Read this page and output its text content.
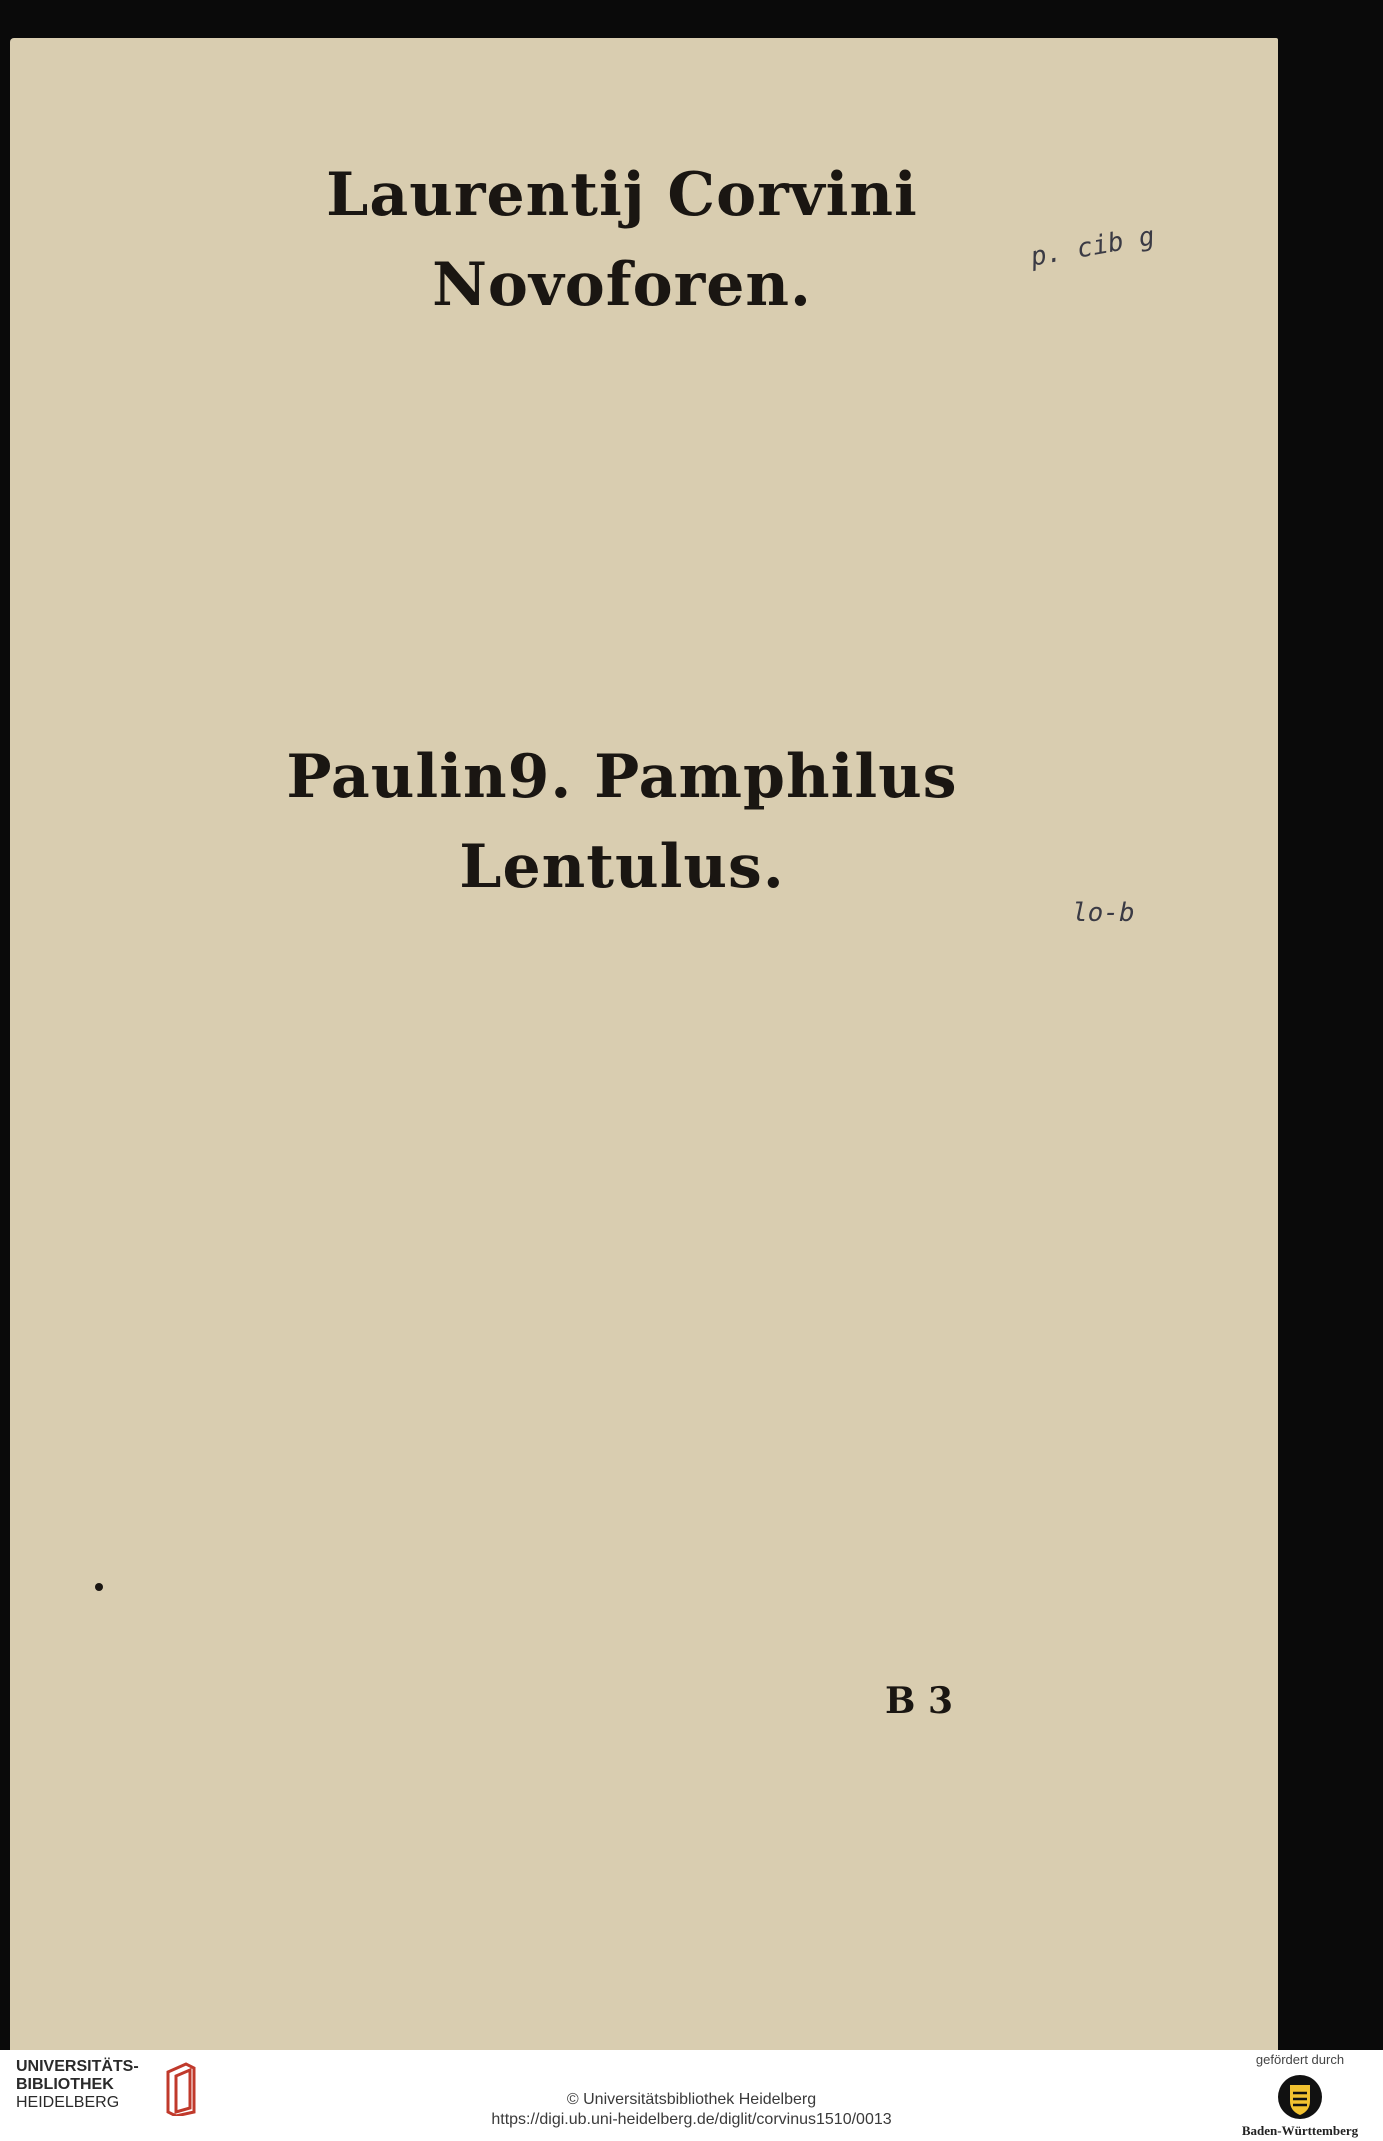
p. cib g
lo-b
Laurentij Corvini Novoforen.
Paulin9. Pamphilus Lentulus.
B 3
UNIVERSITÄTS-
BIBLIOTHEK
HEIDELBERG	© Universitätsbibliothek Heidelberg
https://digi.ub.uni-heidelberg.de/diglit/corvinus1510/0013
gefördert durch
Baden-Württemberg
